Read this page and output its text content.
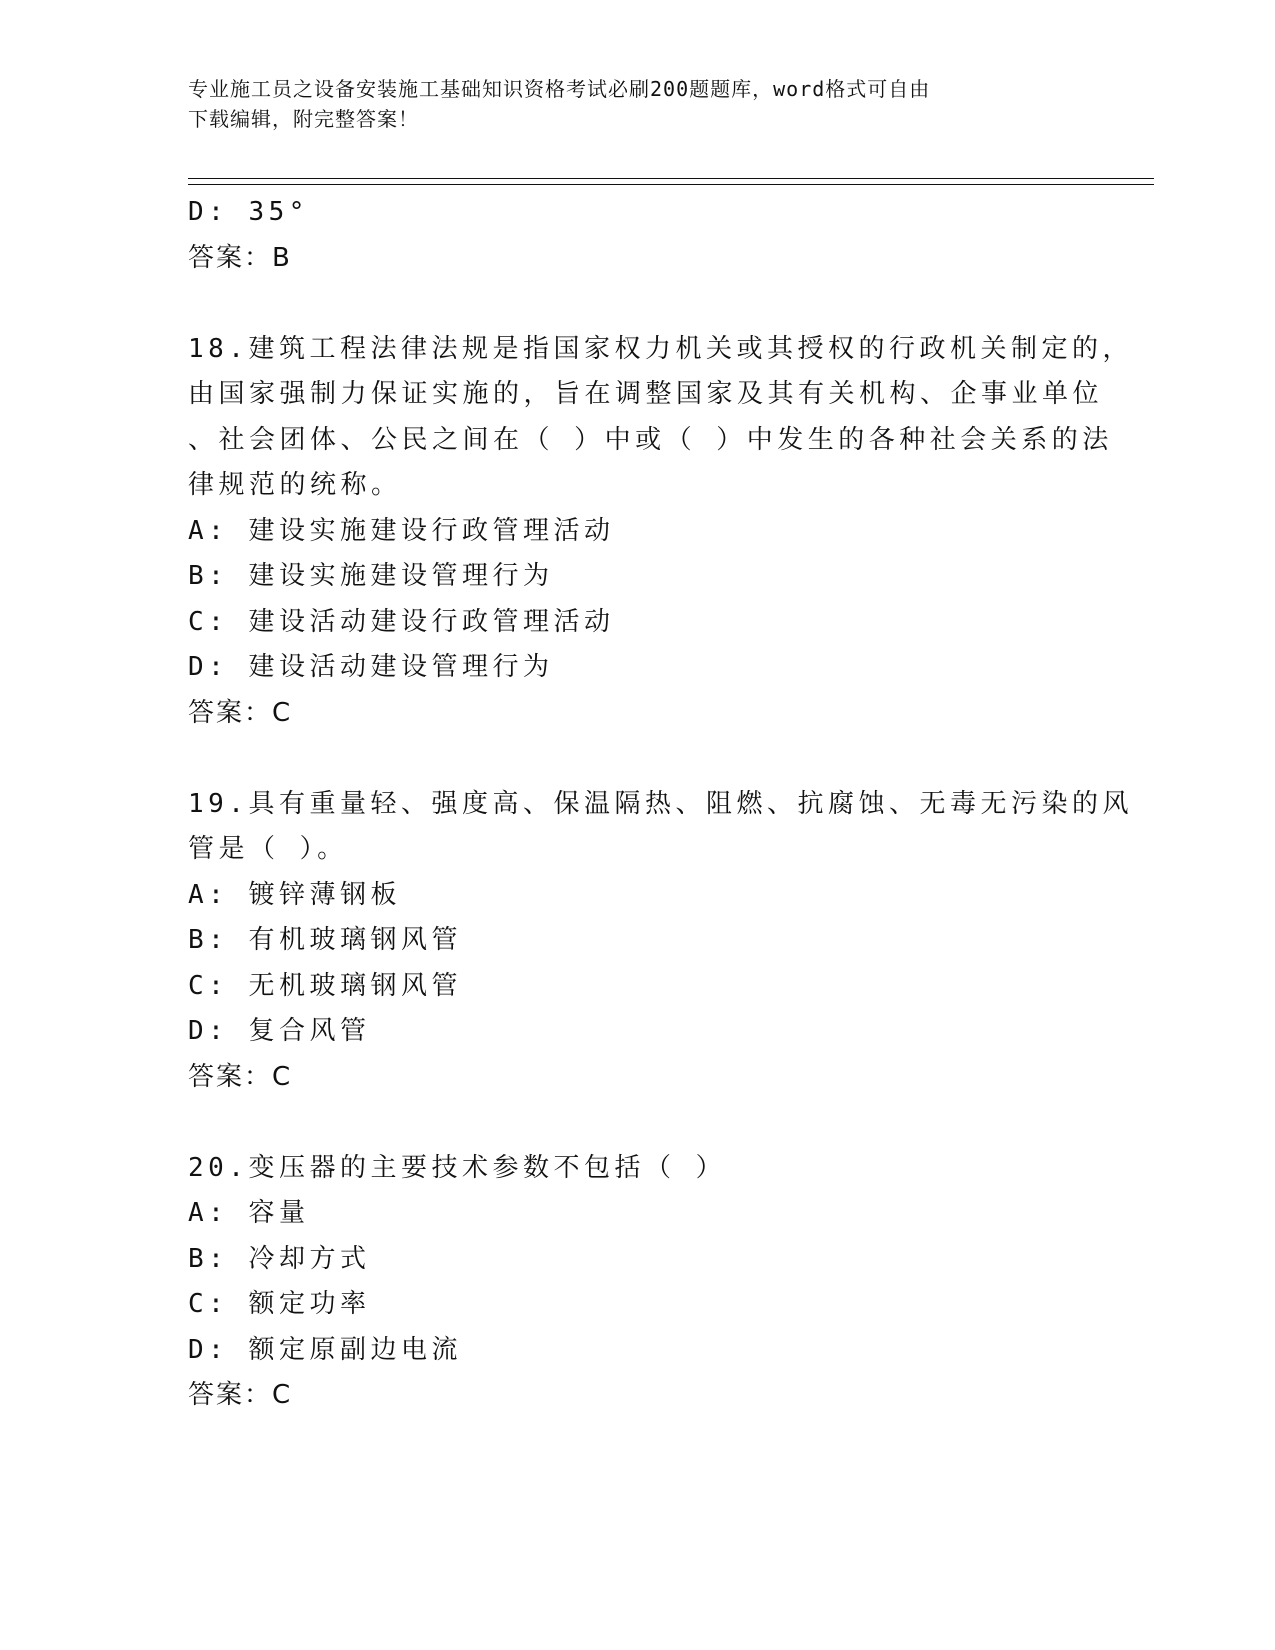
专业施工员之设备安装施工基础知识资格考试必刷200题题库，word格式可自由
下载编辑，附完整答案！
D: 35°
答案：B
18.建筑工程法律法规是指国家权力机关或其授权的行政机关制定的，
由国家强制力保证实施的，旨在调整国家及其有关机构、企事业单位
、社会团体、公民之间在（ ）中或（ ）中发生的各种社会关系的法
律规范的统称。
A: 建设实施建设行政管理活动
B: 建设实施建设管理行为
C: 建设活动建设行政管理活动
D: 建设活动建设管理行为
答案：C
19.具有重量轻、强度高、保温隔热、阻燃、抗腐蚀、无毒无污染的风
管是（ ）。
A: 镀锌薄钢板
B: 有机玻璃钢风管
C: 无机玻璃钢风管
D: 复合风管
答案：C
20.变压器的主要技术参数不包括（ ）
A: 容量
B: 冷却方式
C: 额定功率
D: 额定原副边电流
答案：C
